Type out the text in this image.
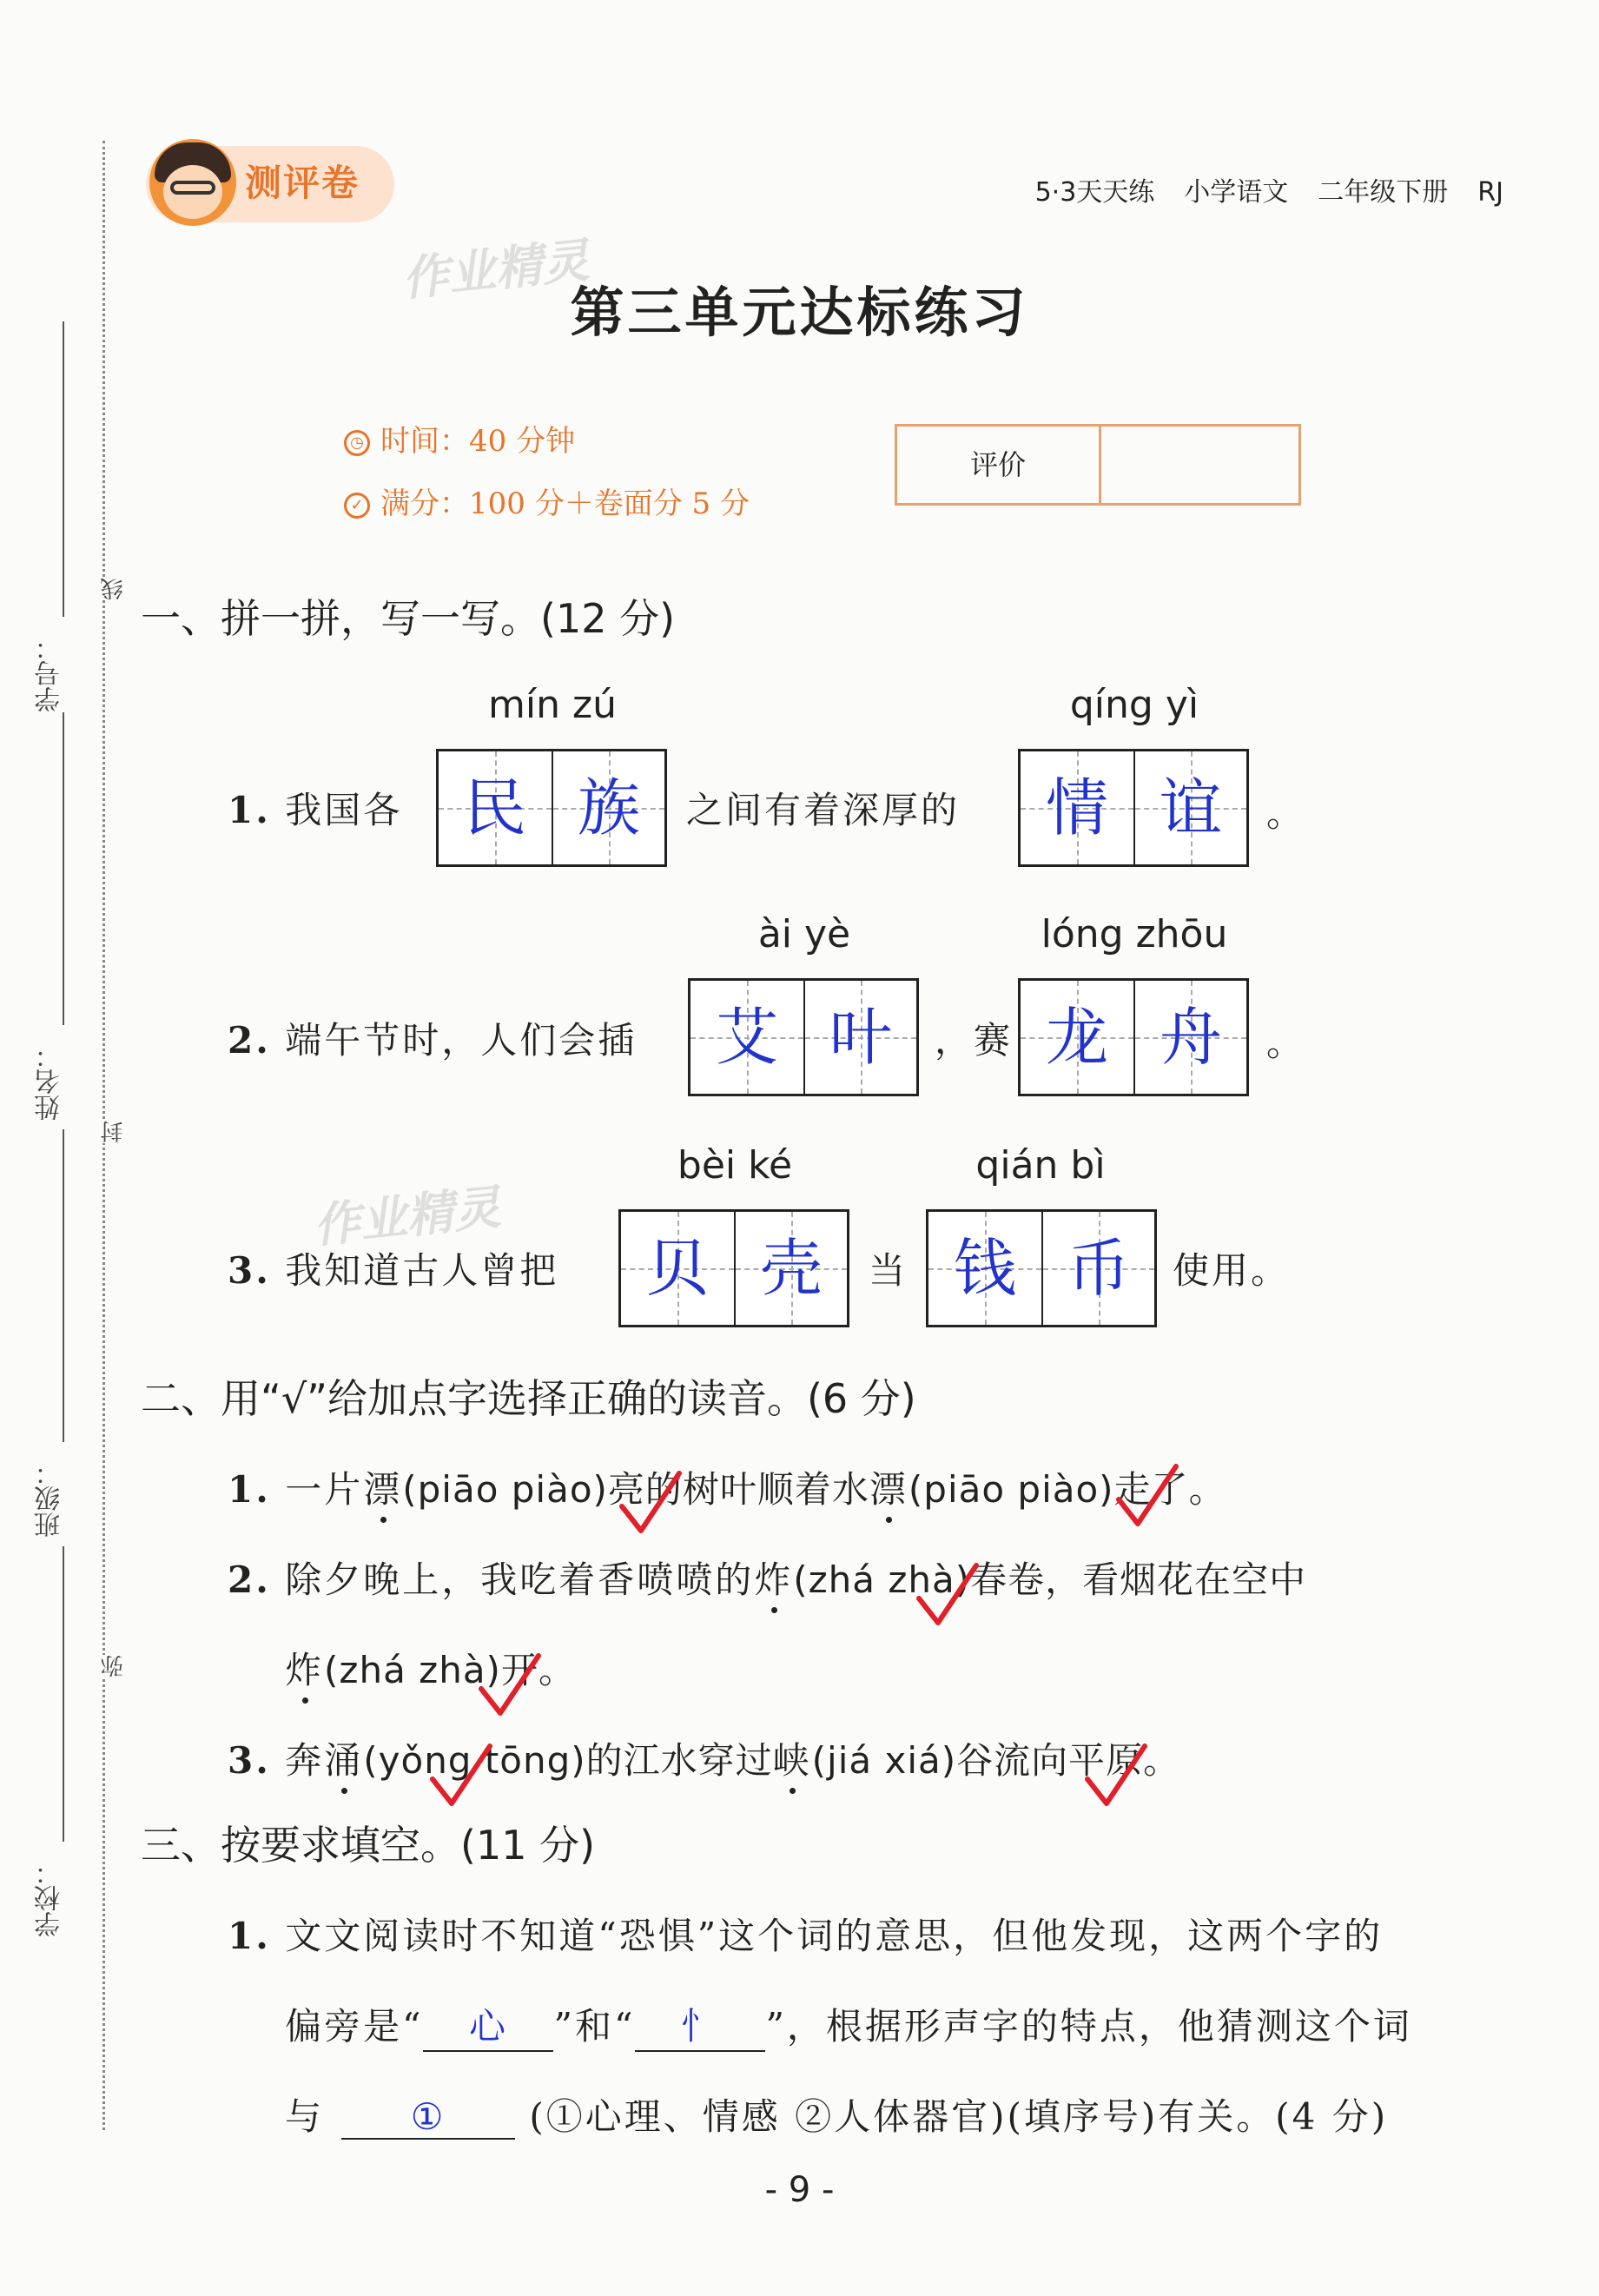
线
封
弥
学号：
姓名：
班级：
学校：
测评卷	5·3天天练 小学语文 二年级下册 RJ
作业精灵
作业精灵
第三单元达标练习
◷ 时间：40 分钟
✓ 满分：100 分＋卷面分 5 分
评价
一、拼一拼，写一写。(12 分)
mín zú	qíng yì
1. 我国各 民 族	之间有着深厚的	情 谊	。
ài yè	lóng zhōu
2. 端午节时，人们会插	艾 叶	，赛 龙 舟	。
bèi ké	qián bì
3. 我知道古人曾把	贝 壳	当 钱 币	使用。
二、用“√”给加点字选择正确的读音。(6 分)
1. 一片漂(piāo piào)亮的树叶顺着水漂(piāo piào)走了。
2. 除夕晚上，我吃着香喷喷的炸(zhá zhà)春卷，看烟花在空中
炸(zhá zhà)开。
3. 奔涌(yǒng tōng)的江水穿过峡(jiá xiá)谷流向平原。
三、按要求填空。(11 分)
1. 文文阅读时不知道“恐惧”这个词的意思，但他发现，这两个字的
偏旁是“ 心 ”和“ 忄 ”，根据形声字的特点，他猜测这个词
与 ① (①心理、情感 ②人体器官)(填序号)有关。(4 分)
- 9 -
